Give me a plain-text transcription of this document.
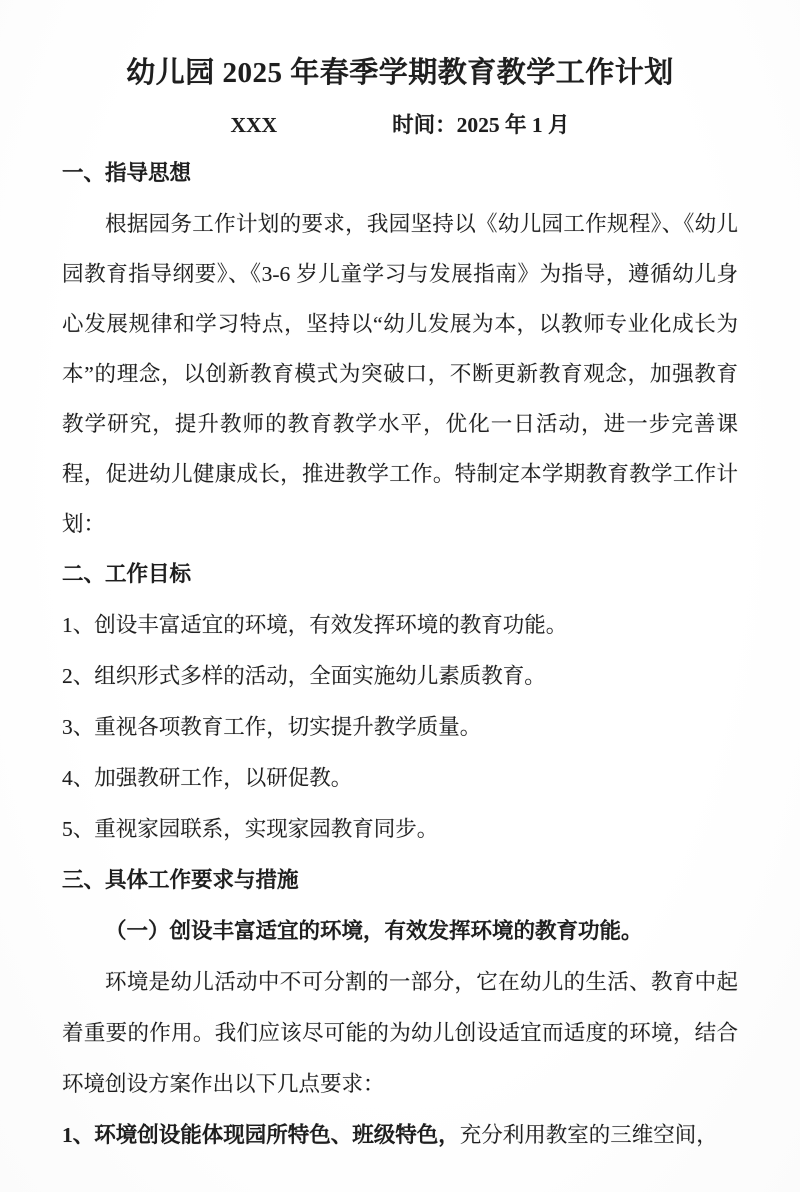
幼儿园 2025 年春季学期教育教学工作计划
XXX	时间：2025 年 1 月
一、指导思想

根据园务工作计划的要求，我园坚持以《幼儿园工作规程》、《幼儿园教育指导纲要》、《3-6 岁儿童学习与发展指南》为指导，遵循幼儿身心发展规律和学习特点，坚持以“幼儿发展为本，以教师专业化成长为本”的理念，以创新教育模式为突破口，不断更新教育观念，加强教育教学研究，提升教师的教育教学水平，优化一日活动，进一步完善课程，促进幼儿健康成长，推进教学工作。特制定本学期教育教学工作计划：

二、工作目标

1、创设丰富适宜的环境，有效发挥环境的教育功能。

2、组织形式多样的活动，全面实施幼儿素质教育。

3、重视各项教育工作，切实提升教学质量。

4、加强教研工作，以研促教。

5、重视家园联系，实现家园教育同步。

三、具体工作要求与措施
（一）创设丰富适宜的环境，有效发挥环境的教育功能。

环境是幼儿活动中不可分割的一部分，它在幼儿的生活、教育中起着重要的作用。我们应该尽可能的为幼儿创设适宜而适度的环境，结合环境创设方案作出以下几点要求：

1、环境创设能体现园所特色、班级特色，充分利用教室的三维空间，
